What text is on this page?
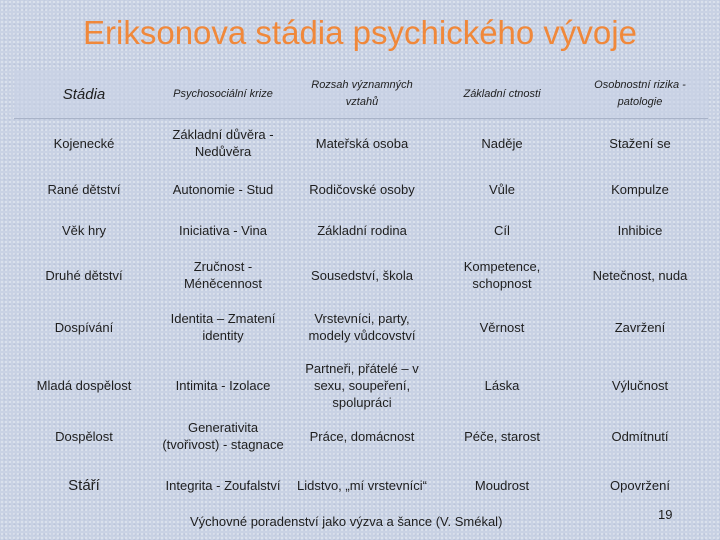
Eriksonova stádia psychického vývoje
Stádia	Psychosociální krize	Rozsah významných vztahů	Základní ctnosti	Osobnostní rizika - patologie
Kojenecké	Základní důvěra - Nedůvěra	Mateřská osoba	Naděje	Stažení se
Rané dětství	Autonomie - Stud	Rodičovské osoby	Vůle	Kompulze
Věk hry	Iniciativa - Vina	Základní rodina	Cíl	Inhibice
Druhé dětství	Zručnost - Méněcennost	Sousedství, škola	Kompetence, schopnost	Netečnost, nuda
Dospívání	Identita – Zmatení identity	Vrstevníci, party, modely vůdcovství	Věrnost	Zavržení
Mladá dospělost	Intimita - Izolace	Partneři, přátelé – v sexu, soupeření, spolupráci	Láska	Výlučnost
Dospělost	Generativita (tvořivost) - stagnace	Práce, domácnost	Péče, starost	Odmítnutí
Stáří	Integrita - Zoufalství	Lidstvo, „mí vrstevníci“	Moudrost	Opovržení
Výchovné poradenství jako výzva a šance (V. Smékal)	19
